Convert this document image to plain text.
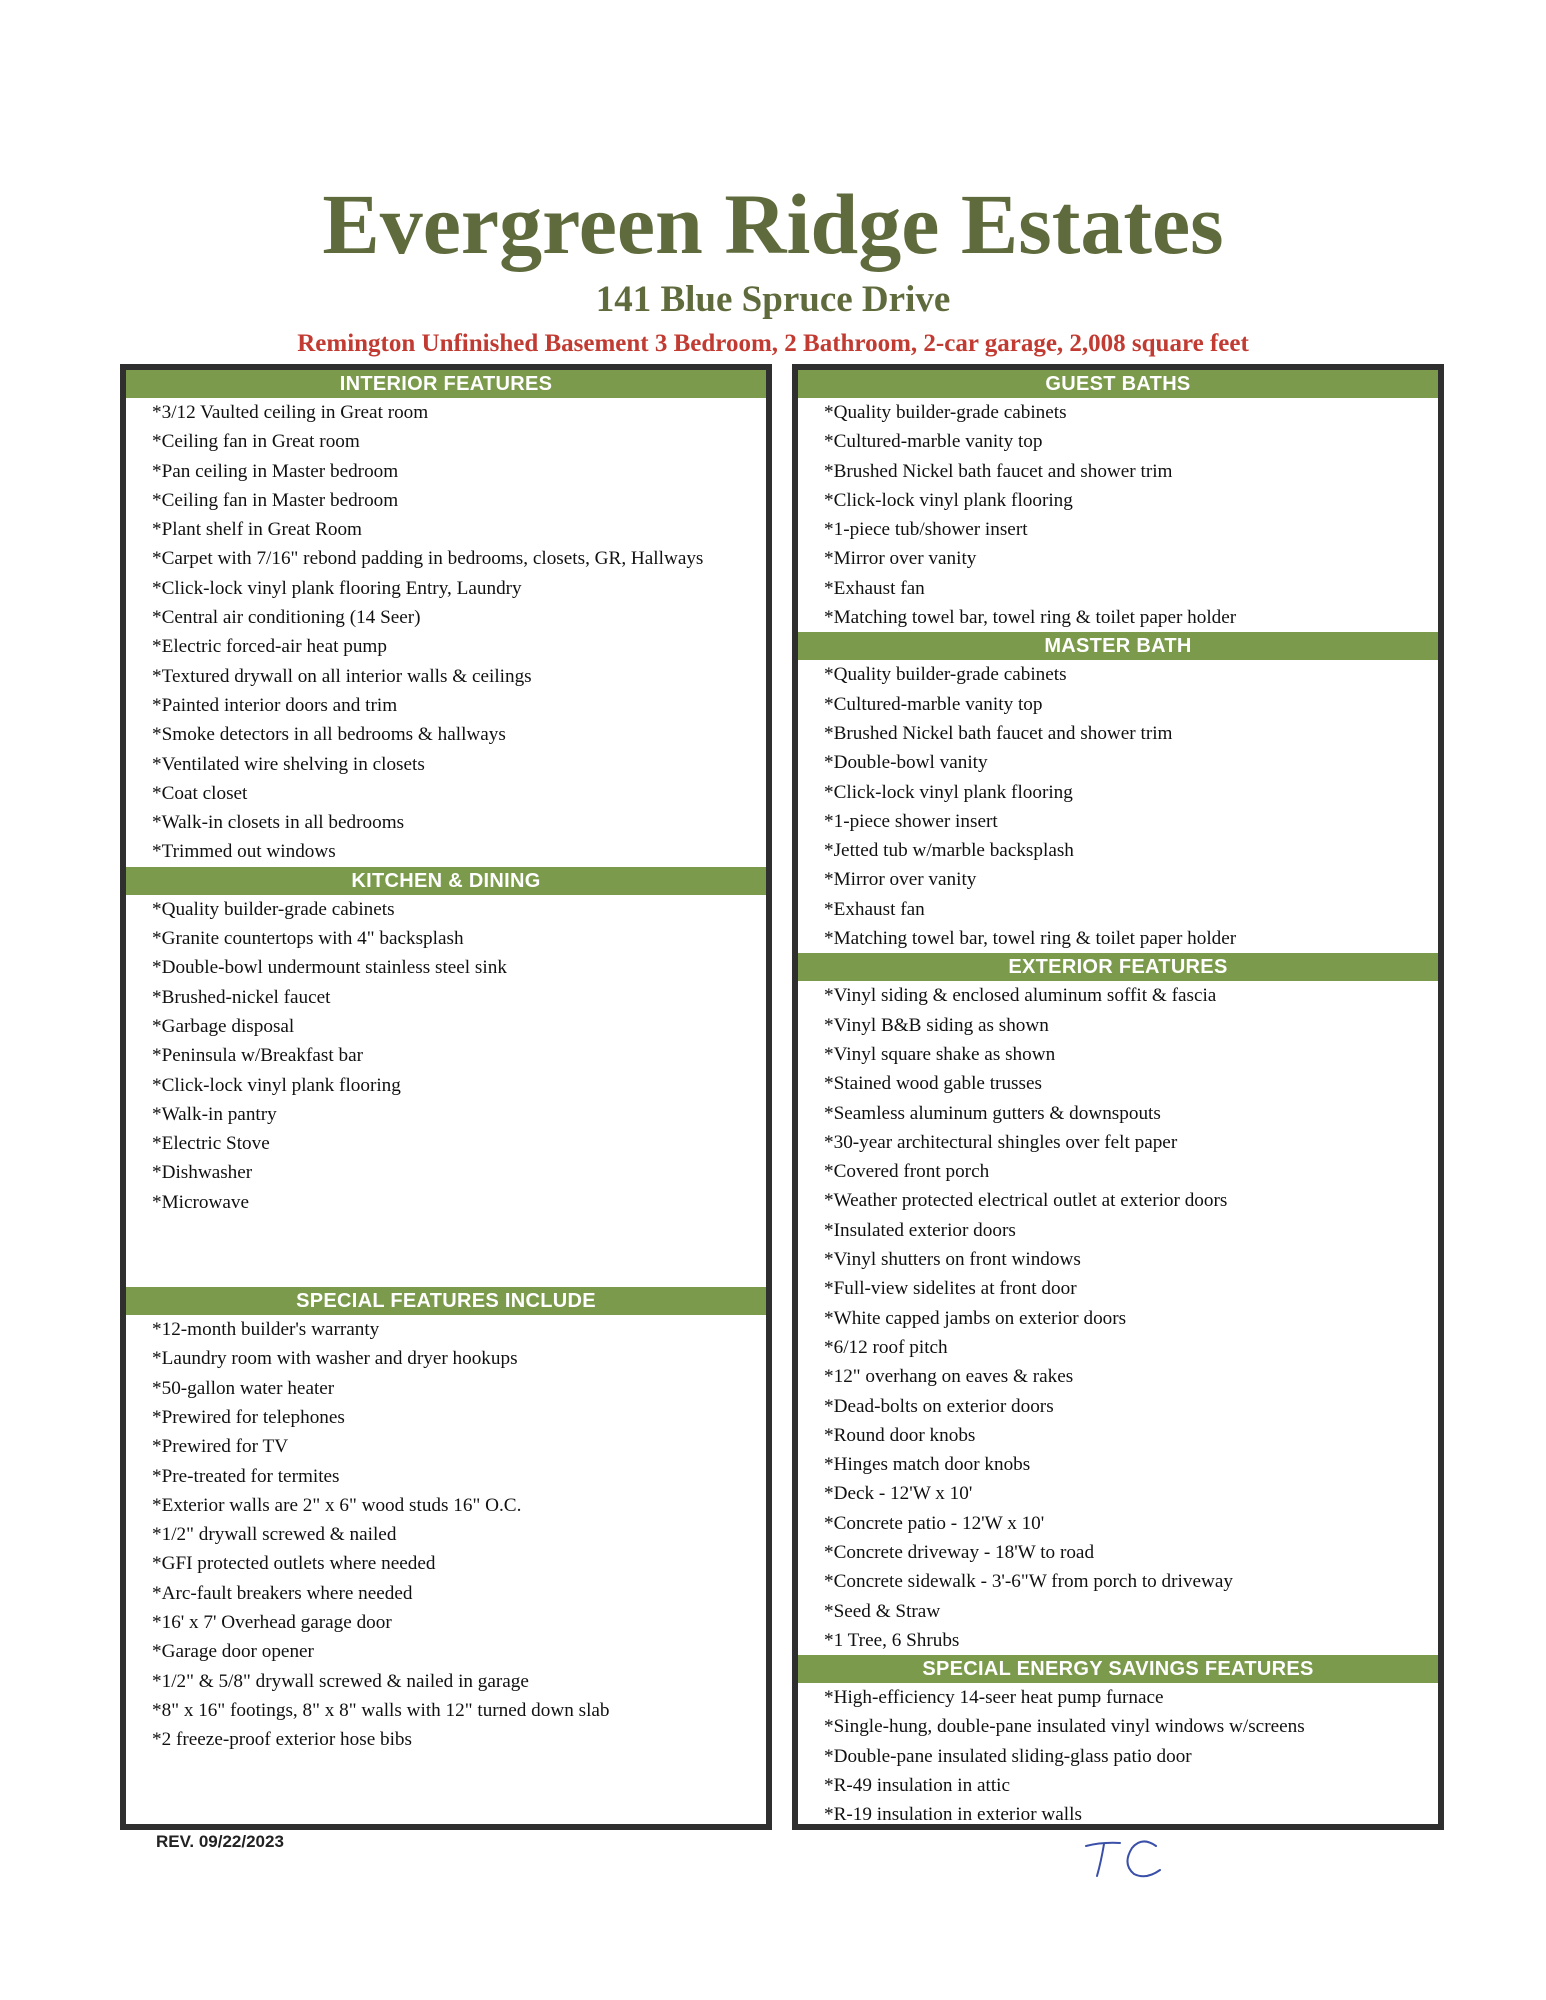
Evergreen Ridge Estates
141 Blue Spruce Drive
Remington Unfinished Basement 3 Bedroom, 2 Bathroom, 2-car garage, 2,008 square feet
INTERIOR FEATURES
*3/12 Vaulted ceiling in Great room
*Ceiling fan in Great room
*Pan ceiling in Master bedroom
*Ceiling fan in Master bedroom
*Plant shelf in Great Room
*Carpet with 7/16" rebond padding in bedrooms, closets, GR, Hallways
*Click-lock vinyl plank flooring Entry, Laundry
*Central air conditioning (14 Seer)
*Electric forced-air heat pump
*Textured drywall on all interior walls & ceilings
*Painted interior doors and trim
*Smoke detectors in all bedrooms & hallways
*Ventilated wire shelving in closets
*Coat closet
*Walk-in closets in all bedrooms
*Trimmed out windows
KITCHEN & DINING
*Quality builder-grade cabinets
*Granite countertops with 4" backsplash
*Double-bowl undermount stainless steel sink
*Brushed-nickel faucet
*Garbage disposal
*Peninsula w/Breakfast bar
*Click-lock vinyl plank flooring
*Walk-in pantry
*Electric Stove
*Dishwasher
*Microwave
SPECIAL FEATURES INCLUDE
*12-month builder's warranty
*Laundry room with washer and dryer hookups
*50-gallon water heater
*Prewired for telephones
*Prewired for TV
*Pre-treated for termites
*Exterior walls are 2" x 6" wood studs 16" O.C.
*1/2" drywall screwed & nailed
*GFI protected outlets where needed
*Arc-fault breakers where needed
*16' x 7' Overhead garage door
*Garage door opener
*1/2" & 5/8" drywall screwed & nailed in garage
*8" x 16" footings, 8" x 8" walls with 12" turned down slab
*2 freeze-proof exterior hose bibs
GUEST BATHS
*Quality builder-grade cabinets
*Cultured-marble vanity top
*Brushed Nickel bath faucet and shower trim
*Click-lock vinyl plank flooring
*1-piece tub/shower insert
*Mirror over vanity
*Exhaust fan
*Matching towel bar, towel ring & toilet paper holder
MASTER BATH
*Quality builder-grade cabinets
*Cultured-marble vanity top
*Brushed Nickel bath faucet and shower trim
*Double-bowl vanity
*Click-lock vinyl plank flooring
*1-piece shower insert
*Jetted tub w/marble backsplash
*Mirror over vanity
*Exhaust fan
*Matching towel bar, towel ring & toilet paper holder
EXTERIOR FEATURES
*Vinyl siding & enclosed aluminum soffit & fascia
*Vinyl B&B siding as shown
*Vinyl square shake as shown
*Stained wood gable trusses
*Seamless aluminum gutters & downspouts
*30-year architectural shingles over felt paper
*Covered front porch
*Weather protected electrical outlet at exterior doors
*Insulated exterior doors
*Vinyl shutters on front windows
*Full-view sidelites at front door
*White capped jambs on exterior doors
*6/12 roof pitch
*12" overhang on eaves & rakes
*Dead-bolts on exterior doors
*Round door knobs
*Hinges match door knobs
*Deck - 12'W x 10'
*Concrete patio - 12'W x 10'
*Concrete driveway - 18'W to road
*Concrete sidewalk - 3'-6"W from porch to driveway
*Seed & Straw
*1 Tree, 6 Shrubs
SPECIAL ENERGY SAVINGS FEATURES
*High-efficiency 14-seer heat pump furnace
*Single-hung, double-pane insulated vinyl windows w/screens
*Double-pane insulated sliding-glass patio door
*R-49 insulation in attic
*R-19 insulation in exterior walls
REV. 09/22/2023
